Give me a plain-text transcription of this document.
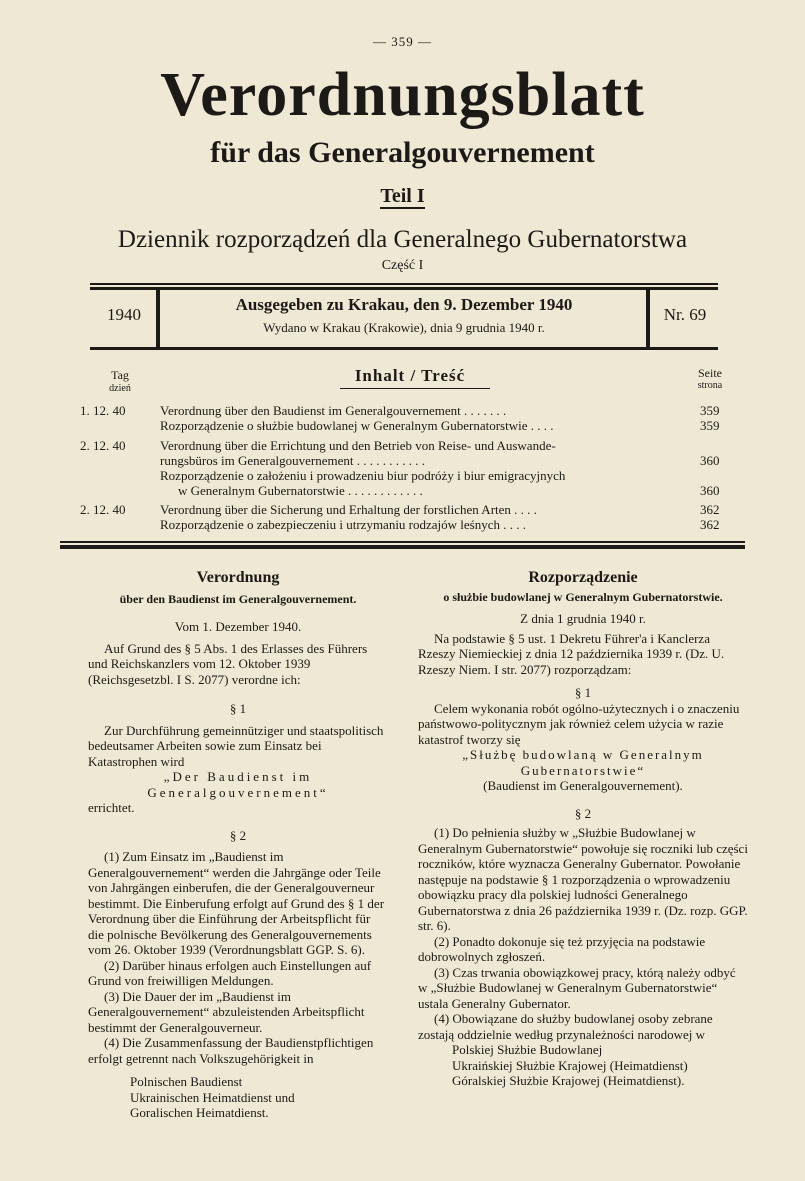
— 359 —
Verordnungsblatt
für das Generalgouvernement
Teil I
Dziennik rozporządzeń dla Generalnego Gubernatorstwa
Część I
1940
Ausgegeben zu Krakau, den 9. Dezember 1940
Wydano w Krakau (Krakowie), dnia 9 grudnia 1940 r.
Nr. 69
Tag
dzień
Inhalt / Treść	Seite
strona
1. 12. 40	Verordnung über den Baudienst im Generalgouvernement . . . . . . .	359
Rozporządzenie o służbie budowlanej w Generalnym Gubernatorstwie . . . .	359
2. 12. 40	Verordnung über die Errichtung und den Betrieb von Reise- und Auswande-
rungsbüros im Generalgouvernement . . . . . . . . . . .	360
Rozporządzenie o założeniu i prowadzeniu biur podróży i biur emigracyjnych
w Generalnym Gubernatorstwie . . . . . . . . . . . .	360
2. 12. 40	Verordnung über die Sicherung und Erhaltung der forstlichen Arten . . . .	362
Rozporządzenie o zabezpieczeniu i utrzymaniu rodzajów leśnych . . . .	362
Verordnung
über den Baudienst im Generalgouvernement.
Vom 1. Dezember 1940.

Auf Grund des § 5 Abs. 1 des Erlasses des Führers und Reichskanzlers vom 12. Oktober 1939 (Reichsgesetzbl. I S. 2077) verordne ich:

§ 1

Zur Durchführung gemeinnütziger und staatspolitisch bedeutsamer Arbeiten sowie zum Einsatz bei Katastrophen wird

„Der Baudienst im Generalgouvernement“
errichtet.
§ 2

(1) Zum Einsatz im „Baudienst im Generalgouvernement“ werden die Jahrgänge oder Teile von Jahrgängen einberufen, die der Generalgouverneur bestimmt. Die Einberufung erfolgt auf Grund des § 1 der Verordnung über die Einführung der Arbeitspflicht für die polnische Bevölkerung des Generalgouvernements vom 26. Oktober 1939 (Verordnungsblatt GGP. S. 6).

(2) Darüber hinaus erfolgen auch Einstellungen auf Grund von freiwilligen Meldungen.

(3) Die Dauer der im „Baudienst im Generalgouvernement“ abzuleistenden Arbeitspflicht bestimmt der Generalgouverneur.

(4) Die Zusammenfassung der Baudienstpflichtigen erfolgt getrennt nach Volkszugehörigkeit in

Polnischen Baudienst
Ukrainischen Heimatdienst und
Goralischen Heimatdienst.
Rozporządzenie
o służbie budowlanej w Generalnym Gubernatorstwie.
Z dnia 1 grudnia 1940 r.

Na podstawie § 5 ust. 1 Dekretu Führer'a i Kanclerza Rzeszy Niemieckiej z dnia 12 października 1939 r. (Dz. U. Rzeszy Niem. I str. 2077) rozporządzam:

§ 1

Celem wykonania robót ogólno-użytecznych i o znaczeniu państwowo-politycznym jak również celem użycia w razie katastrof tworzy się

„Służbę budowlaną w Generalnym Gubernatorstwie“
(Baudienst im Generalgouvernement).
§ 2

(1) Do pełnienia służby w „Służbie Budowlanej w Generalnym Gubernatorstwie“ powołuje się roczniki lub części roczników, które wyznacza Generalny Gubernator. Powołanie następuje na podstawie § 1 rozporządzenia o wprowadzeniu obowiązku pracy dla polskiej ludności Generalnego Gubernatorstwa z dnia 26 października 1939 r. (Dz. rozp. GGP. str. 6).

(2) Ponadto dokonuje się też przyjęcia na podstawie dobrowolnych zgłoszeń.

(3) Czas trwania obowiązkowej pracy, którą należy odbyć w „Służbie Budowlanej w Generalnym Gubernatorstwie“ ustala Generalny Gubernator.

(4) Obowiązane do służby budowlanej osoby zebrane zostają oddzielnie według przynależności narodowej w

Polskiej Służbie Budowlanej
Ukraińskiej Służbie Krajowej (Heimatdienst)
Góralskiej Służbie Krajowej (Heimatdienst).
